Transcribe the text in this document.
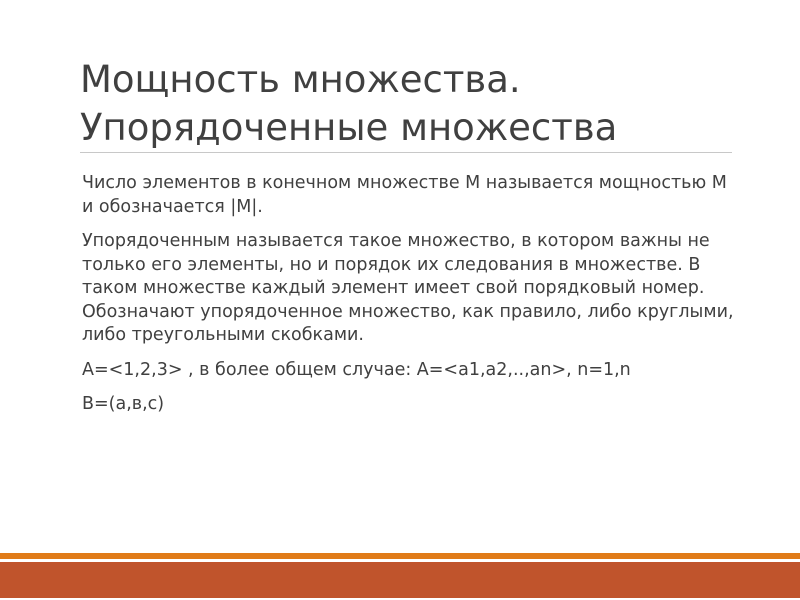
Мощность множества.
Упорядоченные множества

Число элементов в конечном множестве М называется мощностью М и обозначается |М|.

Упорядоченным называется такое множество, в котором важны не только его элементы, но и порядок их следования в множестве. В таком множестве каждый элемент имеет свой порядковый номер. Обозначают упорядоченное множество, как правило, либо круглыми, либо треугольными скобками.

А=<1,2,3> , в более общем случае: А=<a1,a2,..,an>, n=1,n

B=(a,в,c)
